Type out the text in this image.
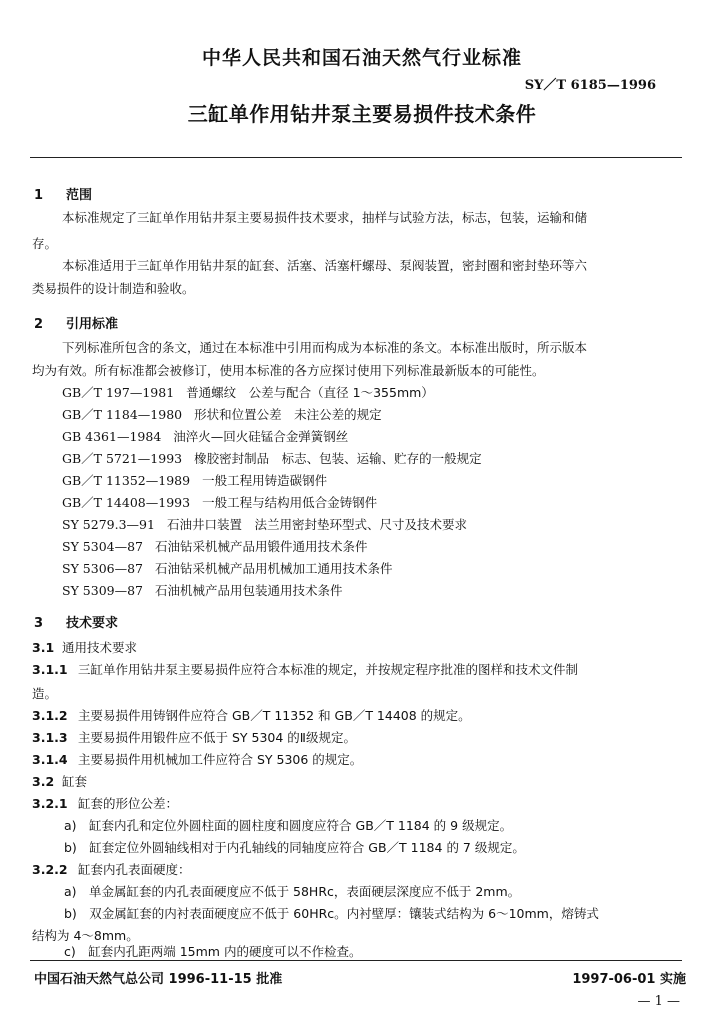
中华人民共和国石油天然气行业标准
SY／T 6185—1996
三缸单作用钻井泵主要易损件技术条件
1 范围
本标准规定了三缸单作用钻井泵主要易损件技术要求，抽样与试验方法，标志，包装，运输和储
存。
本标准适用于三缸单作用钻井泵的缸套、活塞、活塞杆螺母、泵阀装置，密封圈和密封垫环等六
类易损件的设计制造和验收。
2 引用标准
下列标准所包含的条文，通过在本标准中引用而构成为本标准的条文。本标准出版时，所示版本
均为有效。所有标准都会被修订，使用本标准的各方应探讨使用下列标准最新版本的可能性。
GB／T 197—1981 普通螺纹　公差与配合（直径 1～355mm）
GB／T 1184—1980 形状和位置公差　未注公差的规定
GB 4361—1984 油淬火—回火硅锰合金弹簧钢丝
GB／T 5721—1993 橡胶密封制品　标志、包装、运输、贮存的一般规定
GB／T 11352—1989 一般工程用铸造碳钢件
GB／T 14408—1993 一般工程与结构用低合金铸钢件
SY 5279.3—91 石油井口装置　法兰用密封垫环型式、尺寸及技术要求
SY 5304—87 石油钻采机械产品用锻件通用技术条件
SY 5306—87 石油钻采机械产品用机械加工通用技术条件
SY 5309—87 石油机械产品用包装通用技术条件
3 技术要求
3.1 通用技术要求
3.1.1 三缸单作用钻井泵主要易损件应符合本标准的规定，并按规定程序批准的图样和技术文件制
造。
3.1.2 主要易损件用铸钢件应符合 GB／T 11352 和 GB／T 14408 的规定。
3.1.3 主要易损件用锻件应不低于 SY 5304 的Ⅱ级规定。
3.1.4 主要易损件用机械加工件应符合 SY 5306 的规定。
3.2 缸套
3.2.1 缸套的形位公差：
a)　缸套内孔和定位外圆柱面的圆柱度和圆度应符合 GB／T 1184 的 9 级规定。
b)　缸套定位外圆轴线相对于内孔轴线的同轴度应符合 GB／T 1184 的 7 级规定。
3.2.2 缸套内孔表面硬度：
a)　单金属缸套的内孔表面硬度应不低于 58HRc，表面硬层深度应不低于 2mm。
b)　双金属缸套的内衬表面硬度应不低于 60HRc。内衬壁厚：镶装式结构为 6～10mm，熔铸式
结构为 4～8mm。
c)　缸套内孔距两端 15mm 内的硬度可以不作检查。
中国石油天然气总公司 1996-11-15 批准	1997-06-01 实施
— 1 —
